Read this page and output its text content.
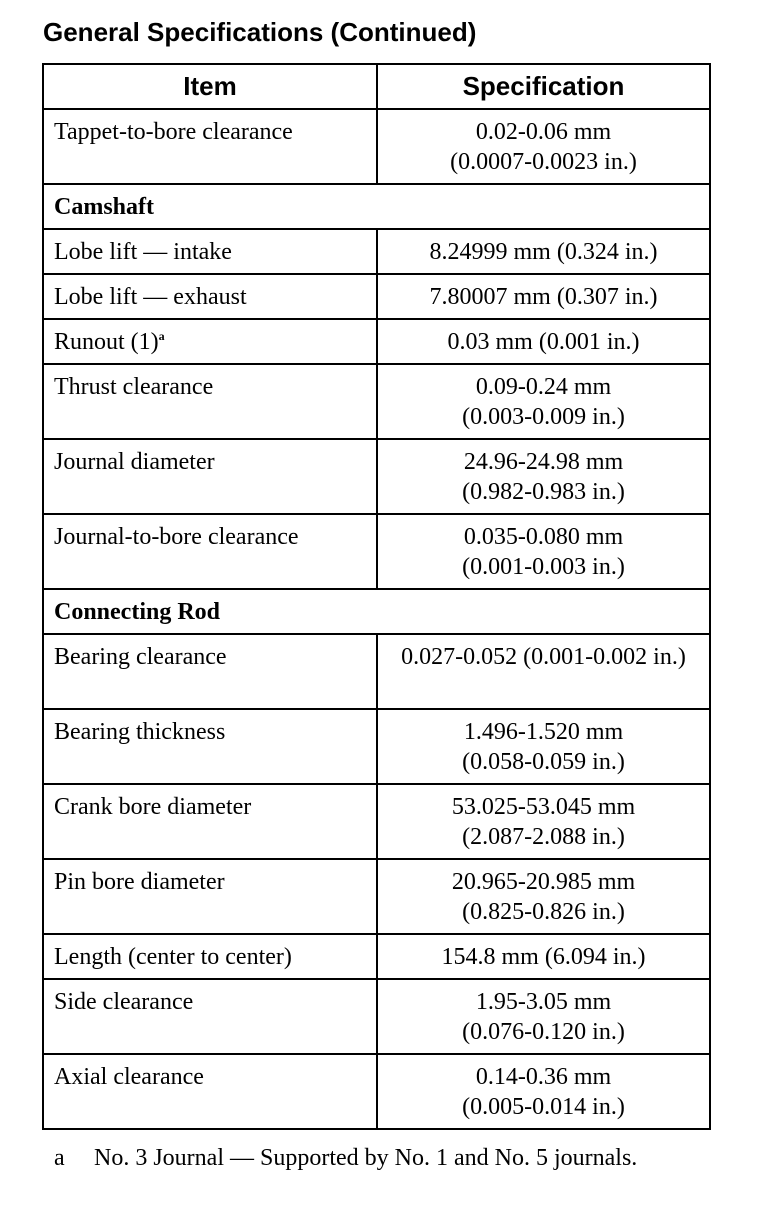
General Specifications (Continued)
Item	Specification
Tappet-to-bore clearance	0.02-0.06 mm
(0.0007-0.0023 in.)

Camshaft	
Lobe lift — intake	8.24999 mm (0.324 in.)

Lobe lift — exhaust	7.80007 mm (0.307 in.)

Runout (1)$^a$	0.03 mm (0.001 in.)

Thrust clearance	0.09-0.24 mm
(0.003-0.009 in.)

Journal diameter	24.96-24.98 mm
(0.982-0.983 in.)

Journal-to-bore clearance	0.035-0.080 mm
(0.001-0.003 in.)

Connecting Rod	
Bearing clearance	0.027-0.052 (0.001-0.002 in.)

Bearing thickness	1.496-1.520 mm
(0.058-0.059 in.)

Crank bore diameter	53.025-53.045 mm
(2.087-2.088 in.)

Pin bore diameter	20.965-20.985 mm
(0.825-0.826 in.)

Length (center to center)	154.8 mm (6.094 in.)

Side clearance	1.95-3.05 mm
(0.076-0.120 in.)

Axial clearance	0.14-0.36 mm
(0.005-0.014 in.)
a	No. 3 Journal — Supported by No. 1 and No. 5 journals.
